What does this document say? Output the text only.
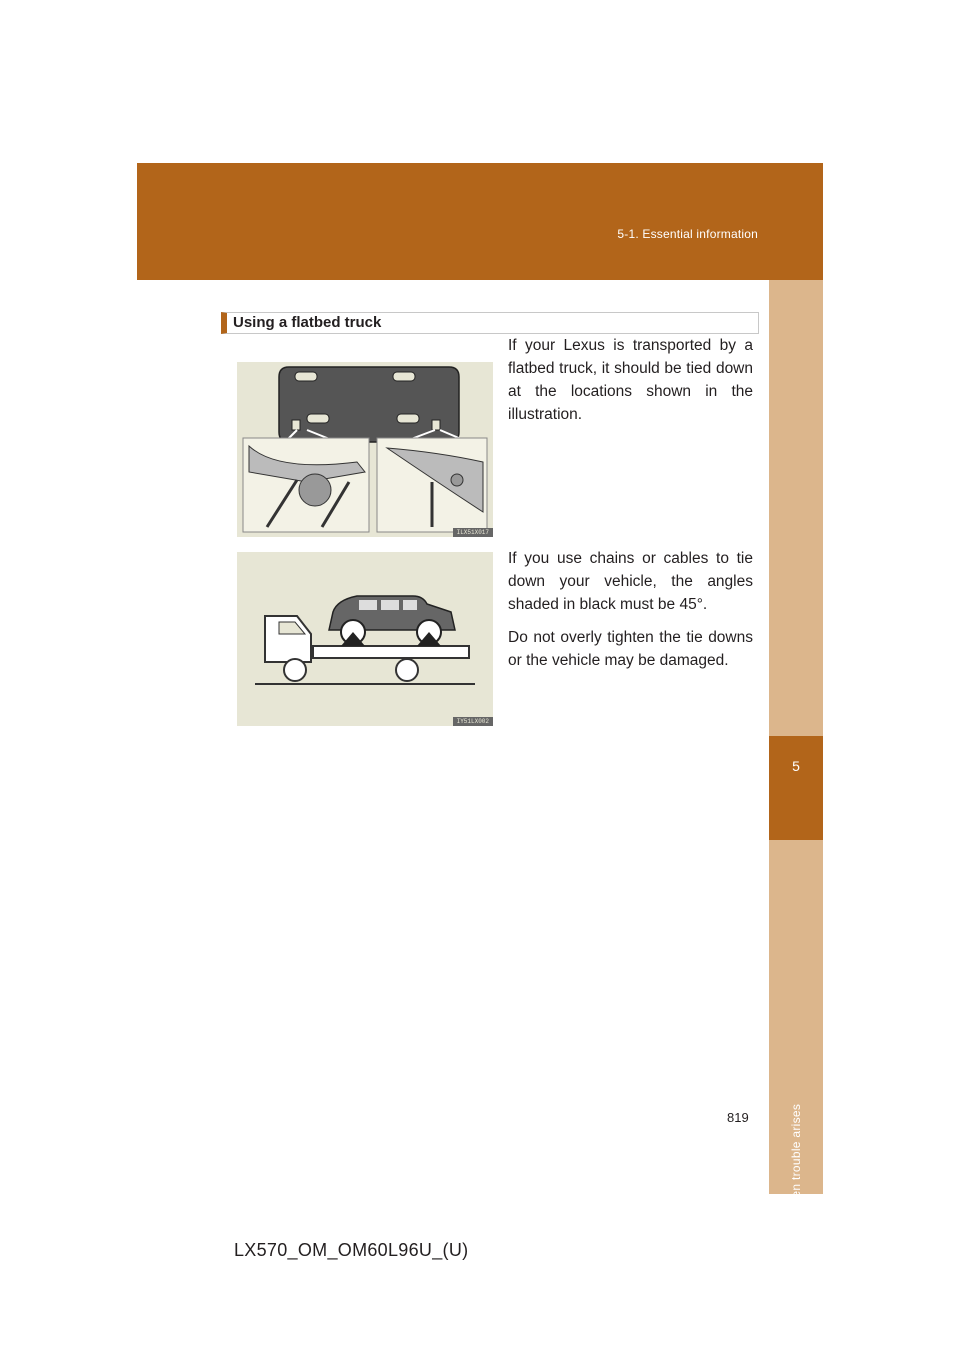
5-1. Essential information
5
When trouble arises
Using a flatbed truck
ILX51X017

If your Lexus is transported by a flatbed truck, it should be tied down at the locations shown in the illustration.

IY51LX002

If you use chains or cables to tie down your vehicle, the angles shaded in black must be 45°.

Do not overly tighten the tie downs or the vehicle may be damaged.

819
LX570_OM_OM60L96U_(U)
